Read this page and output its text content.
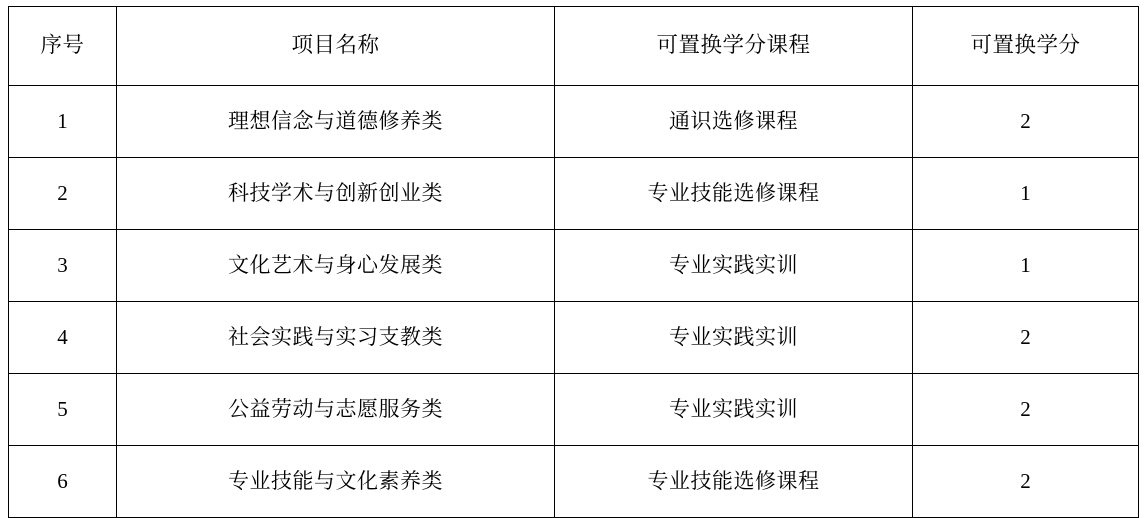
序号	项目名称	可置换学分课程	可置换学分
1	理想信念与道德修养类	通识选修课程	2
2	科技学术与创新创业类	专业技能选修课程	1
3	文化艺术与身心发展类	专业实践实训	1
4	社会实践与实习支教类	专业实践实训	2
5	公益劳动与志愿服务类	专业实践实训	2
6	专业技能与文化素养类	专业技能选修课程	2
